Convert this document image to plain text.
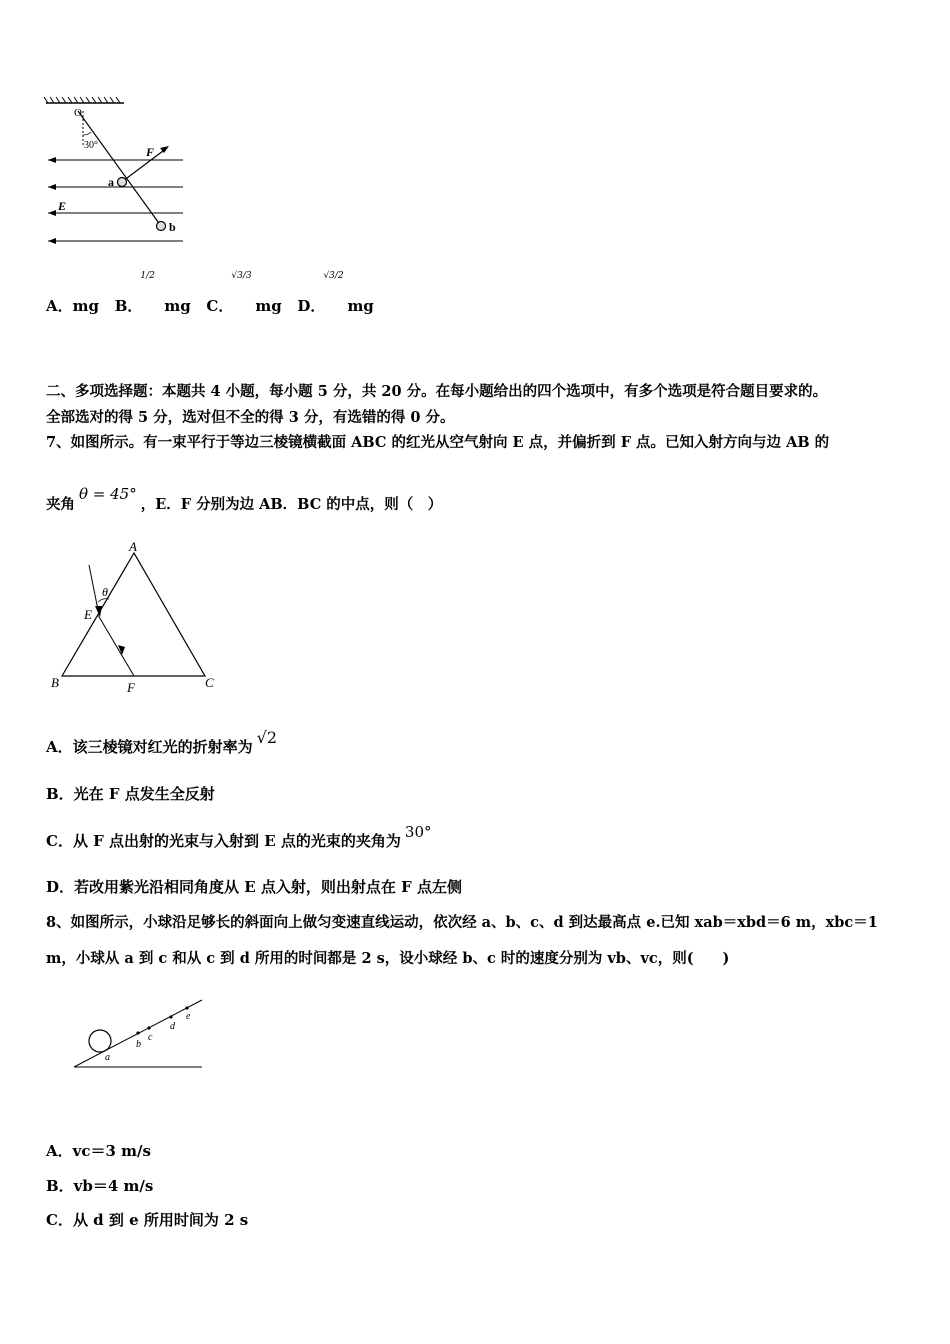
O
30°	F
E
a
b
A．mg B．
1/2
mg C．
√3/3
mg D．
√3/2
mg
二、多项选择题：本题共 4 小题，每小题 5 分，共 20 分。在每小题给出的四个选项中，有多个选项是符合题目要求的。
全部选对的得 5 分，选对但不全的得 3 分，有选错的得 0 分。
7、如图所示。有一束平行于等边三棱镜横截面 ABC 的红光从空气射向 E 点，并偏折到 F 点。已知入射方向与边 AB 的
夹角θ = 45°，E．F 分别为边 AB．BC 的中点，则（　）
A
B	C
E
F
θ
A．该三棱镜对红光的折射率为 √2
B．光在 F 点发生全反射
C．从 F 点出射的光束与入射到 E 点的光束的夹角为 30°
D．若改用紫光沿相同角度从 E 点入射，则出射点在 F 点左侧
8、如图所示，小球沿足够长的斜面向上做匀变速直线运动，依次经 a、b、c、d 到达最高点 e.已知 xab＝xbd＝6 m，xbc＝1
m，小球从 a 到 c 和从 c 到 d 所用的时间都是 2 s，设小球经 b、c 时的速度分别为 vb、vc，则(　　)
a
b
c
d
e
A．vc＝3 m/s
B．vb＝4 m/s
C．从 d 到 e 所用时间为 2 s
